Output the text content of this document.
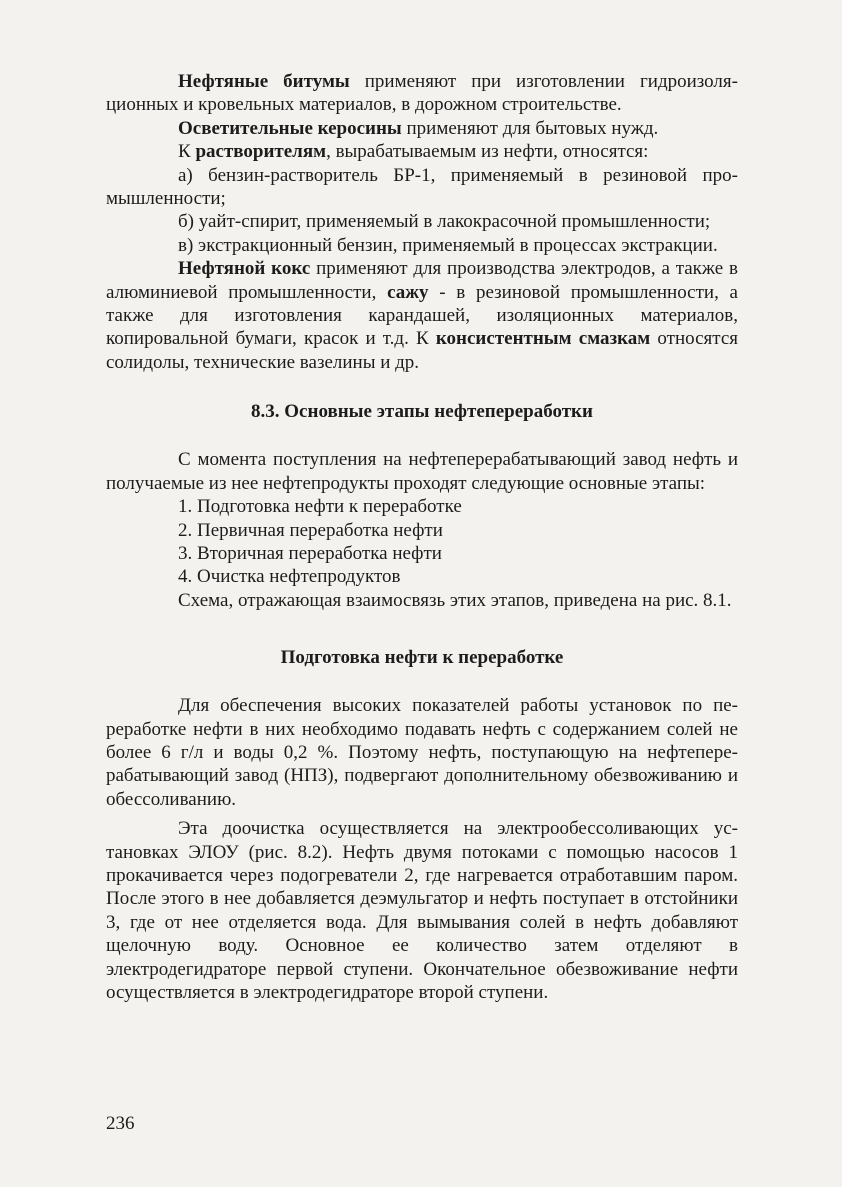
Нефтяные битумы применяют при изготовлении гидроизоляционных и кровельных материалов, в дорожном строительстве.

Осветительные керосины применяют для бытовых нужд.

К растворителям, вырабатываемым из нефти, относятся:

а) бензин-растворитель БР-1, применяемый в резиновой промышленности;

б) уайт-спирит, применяемый в лакокрасочной промышленности;

в) экстракционный бензин, применяемый в процессах экстракции.

Нефтяной кокс применяют для производства электродов, а также в алюминиевой промышленности, сажу - в резиновой промышленности, а также для изготовления карандашей, изоляционных материалов, копировальной бумаги, красок и т.д. К консистентным смазкам относятся солидолы, технические вазелины и др.

8.3. Основные этапы нефтепереработки

С момента поступления на нефтеперерабатывающий завод нефть и получаемые из нее нефтепродукты проходят следующие основные этапы:

1. Подготовка нефти к переработке

2. Первичная переработка нефти

3. Вторичная переработка нефти

4. Очистка нефтепродуктов

Схема, отражающая взаимосвязь этих этапов, приведена на рис. 8.1.

Подготовка нефти к переработке

Для обеспечения высоких показателей работы установок по переработке нефти в них необходимо подавать нефть с содержанием солей не более 6 г/л и воды 0,2 %. Поэтому нефть, поступающую на нефтеперерабатывающий завод (НПЗ), подвергают дополнительному обезвоживанию и обессоливанию.

Эта доочистка осуществляется на электрообессоливающих установках ЭЛОУ (рис. 8.2). Нефть двумя потоками с помощью насосов 1 прокачивается через подогреватели 2, где нагревается отработавшим паром. После этого в нее добавляется деэмульгатор и нефть поступает в отстойники 3, где от нее отделяется вода. Для вымывания солей в нефть добавляют щелочную воду. Основное ее количество затем отделяют в электродегидраторе первой ступени. Окончательное обезвоживание нефти осуществляется в электродегидраторе второй ступени.

236
